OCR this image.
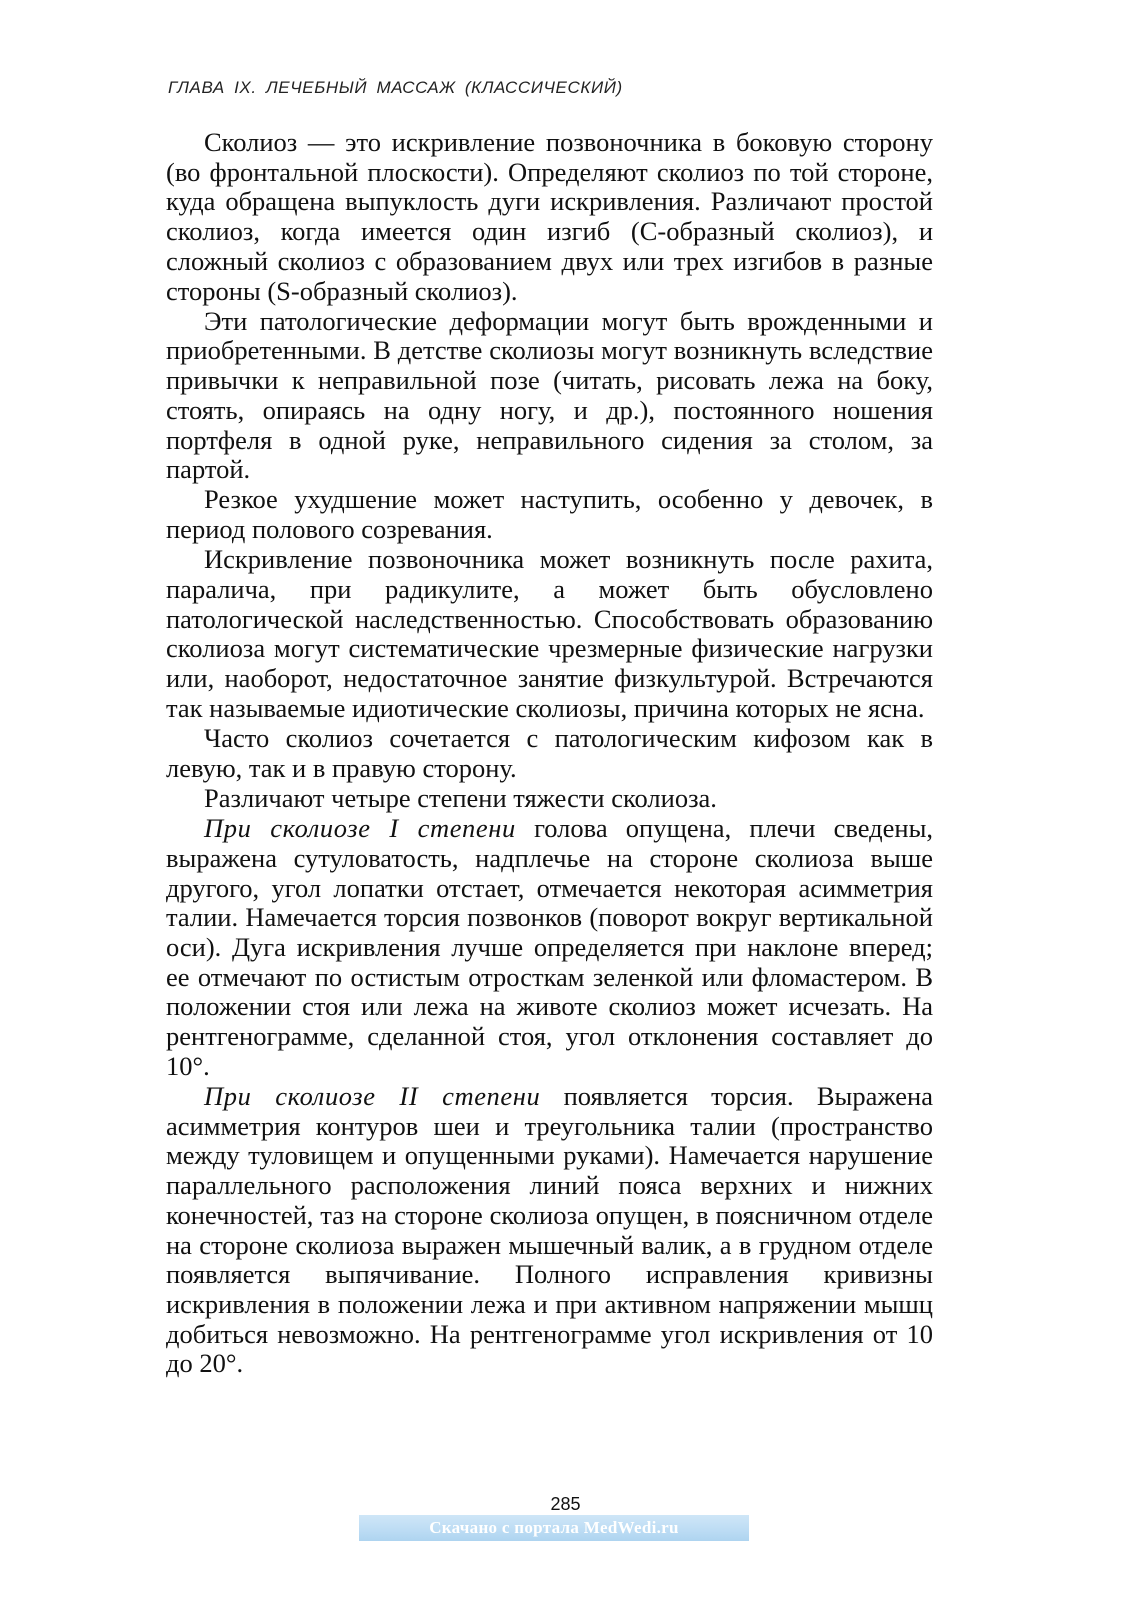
ГЛАВА IX. ЛЕЧЕБНЫЙ МАССАЖ (КЛАССИЧЕСКИЙ)

Сколиоз — это искривление позвоночника в боковую сторону (во фронтальной плоскости). Определяют сколиоз по той стороне, куда обращена выпуклость дуги искривления. Различают простой сколиоз, когда имеется один изгиб (С-образный сколиоз), и сложный сколиоз с образованием двух или трех изгибов в разные стороны (S-образный сколиоз).

Эти патологические деформации могут быть врожденными и приобретенными. В детстве сколиозы могут возникнуть вследствие привычки к неправильной позе (читать, рисовать лежа на боку, стоять, опираясь на одну ногу, и др.), постоянного ношения портфеля в одной руке, неправильного сидения за столом, за партой.

Резкое ухудшение может наступить, особенно у девочек, в период полового созревания.

Искривление позвоночника может возникнуть после рахита, паралича, при радикулите, а может быть обусловлено патологической наследственностью. Способствовать образованию сколиоза могут систематические чрезмерные физические нагрузки или, наоборот, недостаточное занятие физкультурой. Встречаются так называемые идиотические сколиозы, причина которых не ясна.

Часто сколиоз сочетается с патологическим кифозом как в левую, так и в правую сторону.

Различают четыре степени тяжести сколиоза.

При сколиозе I степени голова опущена, плечи сведены, выражена сутуловатость, надплечье на стороне сколиоза выше другого, угол лопатки отстает, отмечается некоторая асимметрия талии. Намечается торсия позвонков (поворот вокруг вертикальной оси). Дуга искривления лучше определяется при наклоне вперед; ее отмечают по остистым отросткам зеленкой или фломастером. В положении стоя или лежа на животе сколиоз может исчезать. На рентгенограмме, сделанной стоя, угол отклонения составляет до 10°.

При сколиозе II степени появляется торсия. Выражена асимметрия контуров шеи и треугольника талии (пространство между туловищем и опущенными руками). Намечается нарушение параллельного расположения линий пояса верхних и нижних конечностей, таз на стороне сколиоза опущен, в поясничном отделе на стороне сколиоза выражен мышечный валик, а в грудном отделе появляется выпячивание. Полного исправления кривизны искривления в положении лежа и при активном напряжении мышц добиться невозможно. На рентгенограмме угол искривления от 10 до 20°.

285
Скачано с портала MedWedi.ru
